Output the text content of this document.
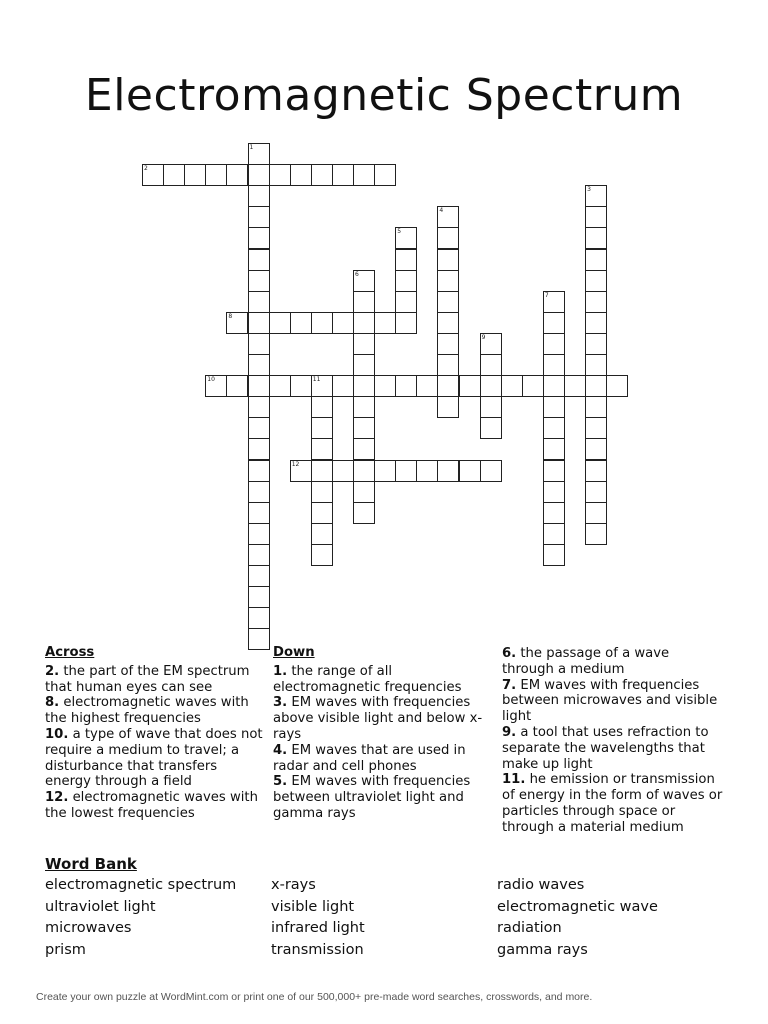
Electromagnetic Spectrum
1
2
3
4
5
6
7
8
9
10	11
12
Across
2. the part of the EM spectrum that human eyes can see
8. electromagnetic waves with the highest frequencies
10. a type of wave that does not require a medium to travel; a disturbance that transfers energy through a field
12. electromagnetic waves with the lowest frequencies
Down
1. the range of all electromagnetic frequencies
3. EM waves with frequencies above visible light and below x-rays
4. EM waves that are used in radar and cell phones
5. EM waves with frequencies between ultraviolet light and gamma rays
6. the passage of a wave through a medium
7. EM waves with frequencies between microwaves and visible light
9. a tool that uses refraction to separate the wavelengths that make up light
11. he emission or transmission of energy in the form of waves or particles through space or through a material medium
Word Bank
electromagnetic spectrum	x-rays	radio waves
ultraviolet light	visible light	electromagnetic wave
microwaves	infrared light	radiation
prism	transmission	gamma rays
Create your own puzzle at WordMint.com or print one of our 500,000+ pre-made word searches, crosswords, and more.
